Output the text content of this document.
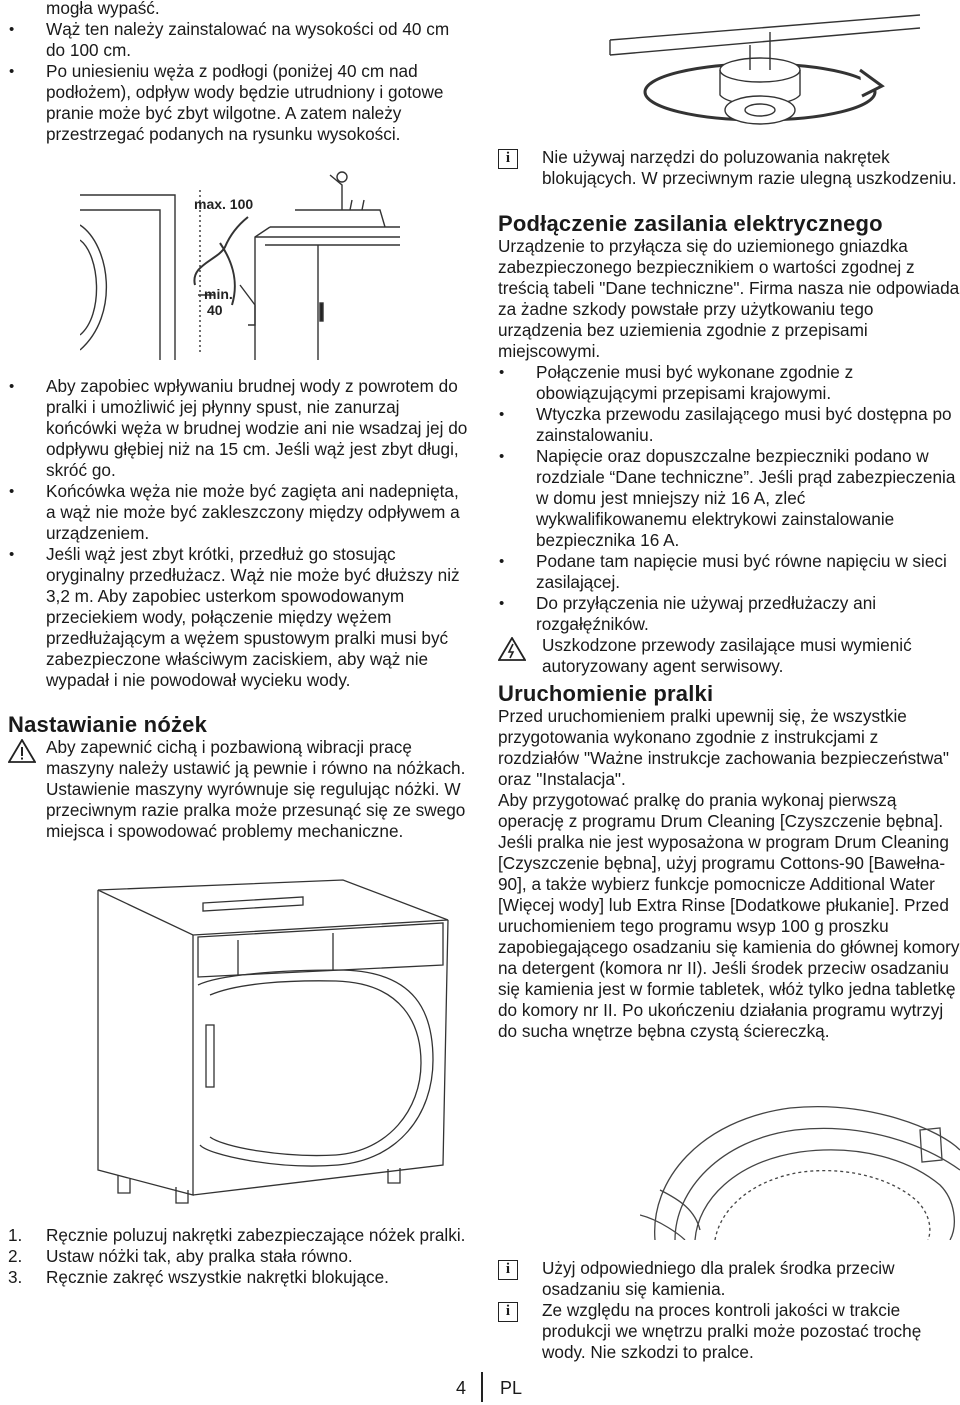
mogła wypaść.

• Wąż ten należy zainstalować na wysokości od 40 cm do 100 cm.

• Po uniesieniu węża z podłogi (poniżej 40 cm nad podłożem), odpływ wody będzie utrudniony i gotowe pranie może być zbyt wilgotne. A zatem należy przestrzegać podanych na rysunku wysokości.

max. 100
min.
40

• Aby zapobiec wpływaniu brudnej wody z powrotem do pralki i umożliwić jej płynny spust, nie zanurzaj końcówki węża w brudnej wodzie ani nie wsadzaj jej do odpływu głębiej niż na 15 cm. Jeśli wąż jest zbyt długi, skróć go.

• Końcówka węża nie może być zagięta ani nadepnięta, a wąż nie może być zakleszczony między odpływem a urządzeniem.

• Jeśli wąż jest zbyt krótki, przedłuż go stosując oryginalny przedłużacz. Wąż nie może być dłuższy niż 3,2 m. Aby zapobiec usterkom spowodowanym przeciekiem wody, połączenie między wężem przedłużającym a wężem spustowym pralki musi być zabezpieczone właściwym zaciskiem, aby wąż nie wypadał i nie powodował wycieku wody.

Nastawianie nóżek

Aby zapewnić cichą i pozbawioną wibracji pracę maszyny należy ustawić ją pewnie i równo na nóżkach. Ustawienie maszyny wyrównuje się regulując nóżki. W przeciwnym razie pralka może przesunąć się ze swego miejsca i spowodować problemy mechaniczne.

1. Ręcznie poluzuj nakrętki zabezpieczające nóżek pralki.

2. Ustaw nóżki tak, aby pralka stała równo.

3. Ręcznie zakręć wszystkie nakrętki blokujące.

i	Nie używaj narzędzi do poluzowania nakrętek blokujących. W przeciwnym razie ulegną uszkodzeniu.

Podłączenie zasilania elektrycznego

Urządzenie to przyłącza się do uziemionego gniazdka zabezpieczonego bezpiecznikiem o wartości zgodnej z treścią tabeli "Dane techniczne". Firma nasza nie odpowiada za żadne szkody powstałe przy użytkowaniu tego urządzenia bez uziemienia zgodnie z przepisami miejscowymi.

• Połączenie musi być wykonane zgodnie z obowiązującymi przepisami krajowymi.

• Wtyczka przewodu zasilającego musi być dostępna po zainstalowaniu.

• Napięcie oraz dopuszczalne bezpieczniki podano w rozdziale “Dane techniczne”. Jeśli prąd zabezpieczenia w domu jest mniejszy niż 16 A, zleć wykwalifikowanemu elektrykowi zainstalowanie bezpiecznika 16 A.

• Podane tam napięcie musi być równe napięciu w sieci zasilającej.

• Do przyłączenia nie używaj przedłużaczy ani rozgałęźników.

Uszkodzone przewody zasilające musi wymienić autoryzowany agent serwisowy.

Uruchomienie pralki

Przed uruchomieniem pralki upewnij się, że wszystkie przygotowania wykonano zgodnie z instrukcjami z rozdziałów "Ważne instrukcje zachowania bezpieczeństwa" oraz "Instalacja".

Aby przygotować pralkę do prania wykonaj pierwszą operację z programu Drum Cleaning [Czyszczenie bębna]. Jeśli pralka nie jest wyposażona w program Drum Cleaning [Czyszczenie bębna], użyj programu Cottons-90 [Bawełna-90], a także wybierz funkcje pomocnicze Additional Water [Więcej wody] lub Extra Rinse [Dodatkowe płukanie]. Przed uruchomieniem tego programu wsyp 100 g proszku zapobiegającego osadzaniu się kamienia do głównej komory na detergent (komora nr II). Jeśli środek przeciw osadzaniu się kamienia jest w formie tabletek, włóż tylko jedna tabletkę do komory nr II. Po ukończeniu działania programu wytrzyj do sucha wnętrze bębna czystą ściereczką.

i	Użyj odpowiedniego dla pralek środka przeciw osadzaniu się kamienia.

i	Ze względu na proces kontroli jakości w trakcie produkcji we wnętrzu pralki może pozostać trochę wody. Nie szkodzi to pralce.

4 PL
